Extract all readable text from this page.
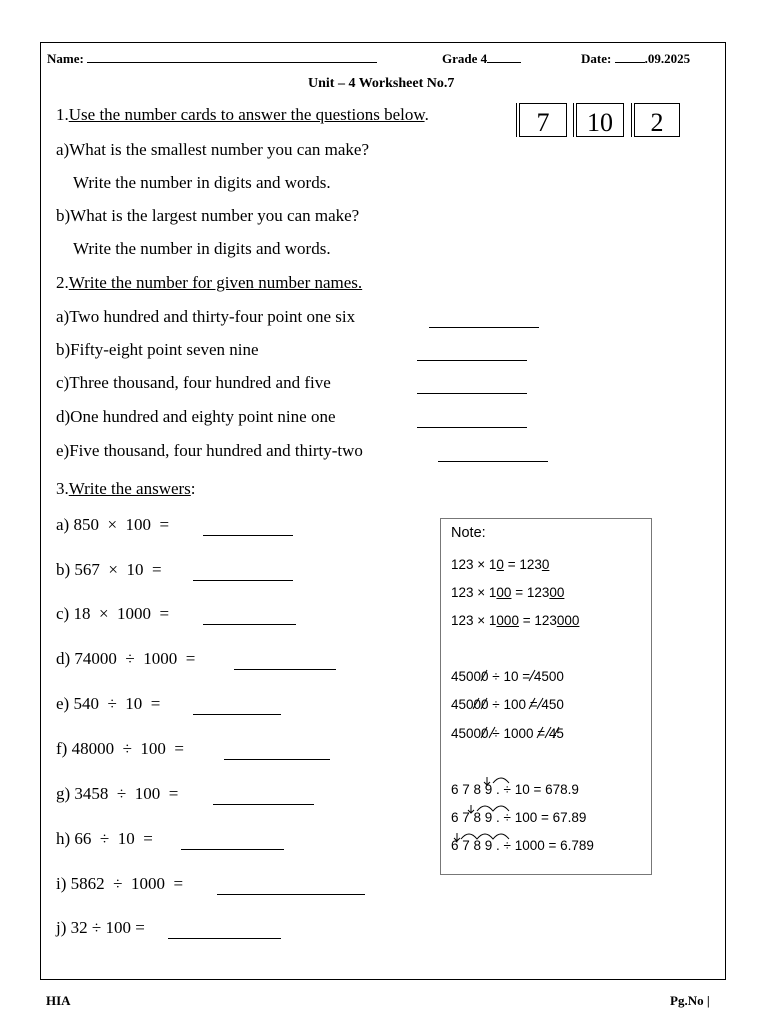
Name:	Grade 4	Date:	.09.2025
Unit – 4 Worksheet No.7
1.Use the number cards to answer the questions below.	7	10	2
a)What is the smallest number you can make?
Write the number in digits and words.
b)What is the largest number you can make?
Write the number in digits and words.
2.Write the number for given number names.
a)Two hundred and thirty-four point one six
b)Fifty-eight point seven nine
c)Three thousand, four hundred and five
d)One hundred and eighty point nine one
e)Five thousand, four hundred and thirty-two
3.Write the answers:
a) 850  ×  100  =
b) 567  ×  10  =
c) 18  ×  1000  =
d) 74000  ÷  1000  =
e) 540  ÷  10  =
f) 48000  ÷  100  =
g) 3458  ÷  100  =
h) 66  ÷  10  =
i) 5862  ÷  1000  =
j) 32 ÷ 100 =
Note:
123 × 10 = 1230
123 × 100 = 12300
123 × 1000 = 123000
45000 ÷ 10 = 4500
45000 ÷ 100 = 450
45000 ÷ 1000 = 45
6 7 8 9 . ÷ 10 = 678.9
6 7 8 9 . ÷ 100 = 67.89
6 7 8 9 . ÷ 1000 = 6.789
HIA	Pg.No |
